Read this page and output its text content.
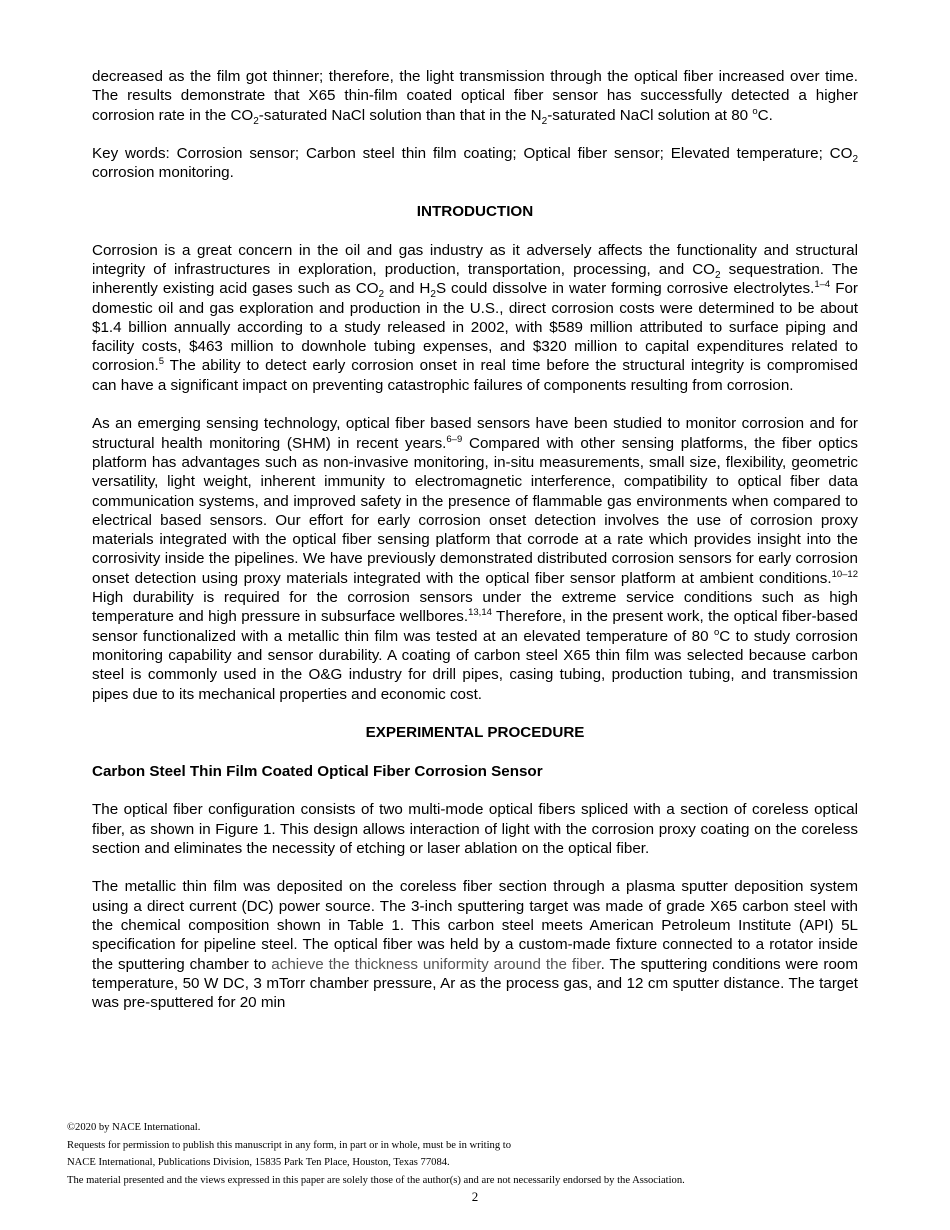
decreased as the film got thinner; therefore, the light transmission through the optical fiber increased over time. The results demonstrate that X65 thin-film coated optical fiber sensor has successfully detected a higher corrosion rate in the $CO_2$-saturated NaCl solution than that in the $N_2$-saturated NaCl solution at 80 $^o$C.

Key words: Corrosion sensor; Carbon steel thin film coating; Optical fiber sensor; Elevated temperature; $CO_2$ corrosion monitoring.

INTRODUCTION

Corrosion is a great concern in the oil and gas industry as it adversely affects the functionality and structural integrity of infrastructures in exploration, production, transportation, processing, and $CO_2$ sequestration. The inherently existing acid gases such as $CO_2$ and $H_2S$ could dissolve in water forming corrosive electrolytes.$^{1-4}$ For domestic oil and gas exploration and production in the U.S., direct corrosion costs were determined to be about $1.4 billion annually according to a study released in 2002, with $589 million attributed to surface piping and facility costs, $463 million to downhole tubing expenses, and $320 million to capital expenditures related to corrosion.$^5$ The ability to detect early corrosion onset in real time before the structural integrity is compromised can have a significant impact on preventing catastrophic failures of components resulting from corrosion.

As an emerging sensing technology, optical fiber based sensors have been studied to monitor corrosion and for structural health monitoring (SHM) in recent years.$^{6-9}$ Compared with other sensing platforms, the fiber optics platform has advantages such as non-invasive monitoring, in-situ measurements, small size, flexibility, geometric versatility, light weight, inherent immunity to electromagnetic interference, compatibility to optical fiber data communication systems, and improved safety in the presence of flammable gas environments when compared to electrical based sensors. Our effort for early corrosion onset detection involves the use of corrosion proxy materials integrated with the optical fiber sensing platform that corrode at a rate which provides insight into the corrosivity inside the pipelines. We have previously demonstrated distributed corrosion sensors for early corrosion onset detection using proxy materials integrated with the optical fiber sensor platform at ambient conditions.$^{10-12}$ High durability is required for the corrosion sensors under the extreme service conditions such as high temperature and high pressure in subsurface wellbores.$^{13,14}$ Therefore, in the present work, the optical fiber-based sensor functionalized with a metallic thin film was tested at an elevated temperature of 80 $^o$C to study corrosion monitoring capability and sensor durability. A coating of carbon steel X65 thin film was selected because carbon steel is commonly used in the O&G industry for drill pipes, casing tubing, production tubing, and transmission pipes due to its mechanical properties and economic cost.

EXPERIMENTAL PROCEDURE

Carbon Steel Thin Film Coated Optical Fiber Corrosion Sensor

The optical fiber configuration consists of two multi-mode optical fibers spliced with a section of coreless optical fiber, as shown in Figure 1. This design allows interaction of light with the corrosion proxy coating on the coreless section and eliminates the necessity of etching or laser ablation on the optical fiber.

The metallic thin film was deposited on the coreless fiber section through a plasma sputter deposition system using a direct current (DC) power source. The 3-inch sputtering target was made of grade X65 carbon steel with the chemical composition shown in Table 1. This carbon steel meets American Petroleum Institute (API) 5L specification for pipeline steel. The optical fiber was held by a custom-made fixture connected to a rotator inside the sputtering chamber to achieve the thickness uniformity around the fiber. The sputtering conditions were room temperature, 50 W DC, 3 mTorr chamber pressure, Ar as the process gas, and 12 cm sputter distance. The target was pre-sputtered for 20 min

©2020 by NACE International.
Requests for permission to publish this manuscript in any form, in part or in whole, must be in writing to
NACE International, Publications Division, 15835 Park Ten Place, Houston, Texas 77084.
The material presented and the views expressed in this paper are solely those of the author(s) and are not necessarily endorsed by the Association.
2
